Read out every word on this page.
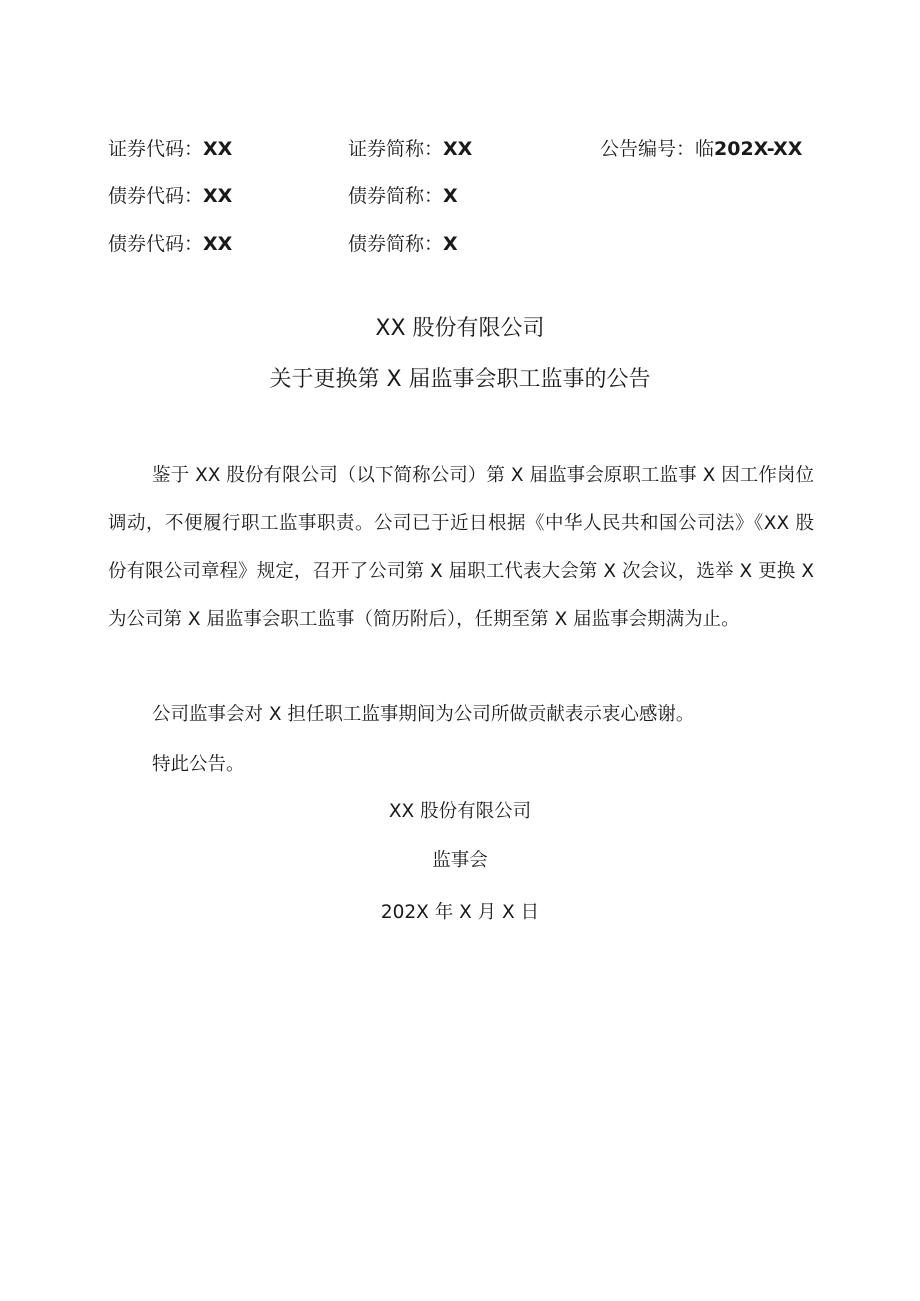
证券代码：XX	证券简称：XX	公告编号：临202X-XX
债券代码：XX	债券简称：X
债券代码：XX	债券简称：X
XX 股份有限公司
关于更换第 X 届监事会职工监事的公告

鉴于 XX 股份有限公司（以下简称公司）第 X 届监事会原职工监事 X 因工作岗位调动，不便履行职工监事职责。公司已于近日根据《中华人民共和国公司法》《XX 股份有限公司章程》规定，召开了公司第 X 届职工代表大会第 X 次会议，选举 X 更换 X 为公司第 X 届监事会职工监事（简历附后），任期至第 X 届监事会期满为止。

公司监事会对 X 担任职工监事期间为公司所做贡献表示衷心感谢。
特此公告。
XX 股份有限公司
监事会
202X 年 X 月 X 日
